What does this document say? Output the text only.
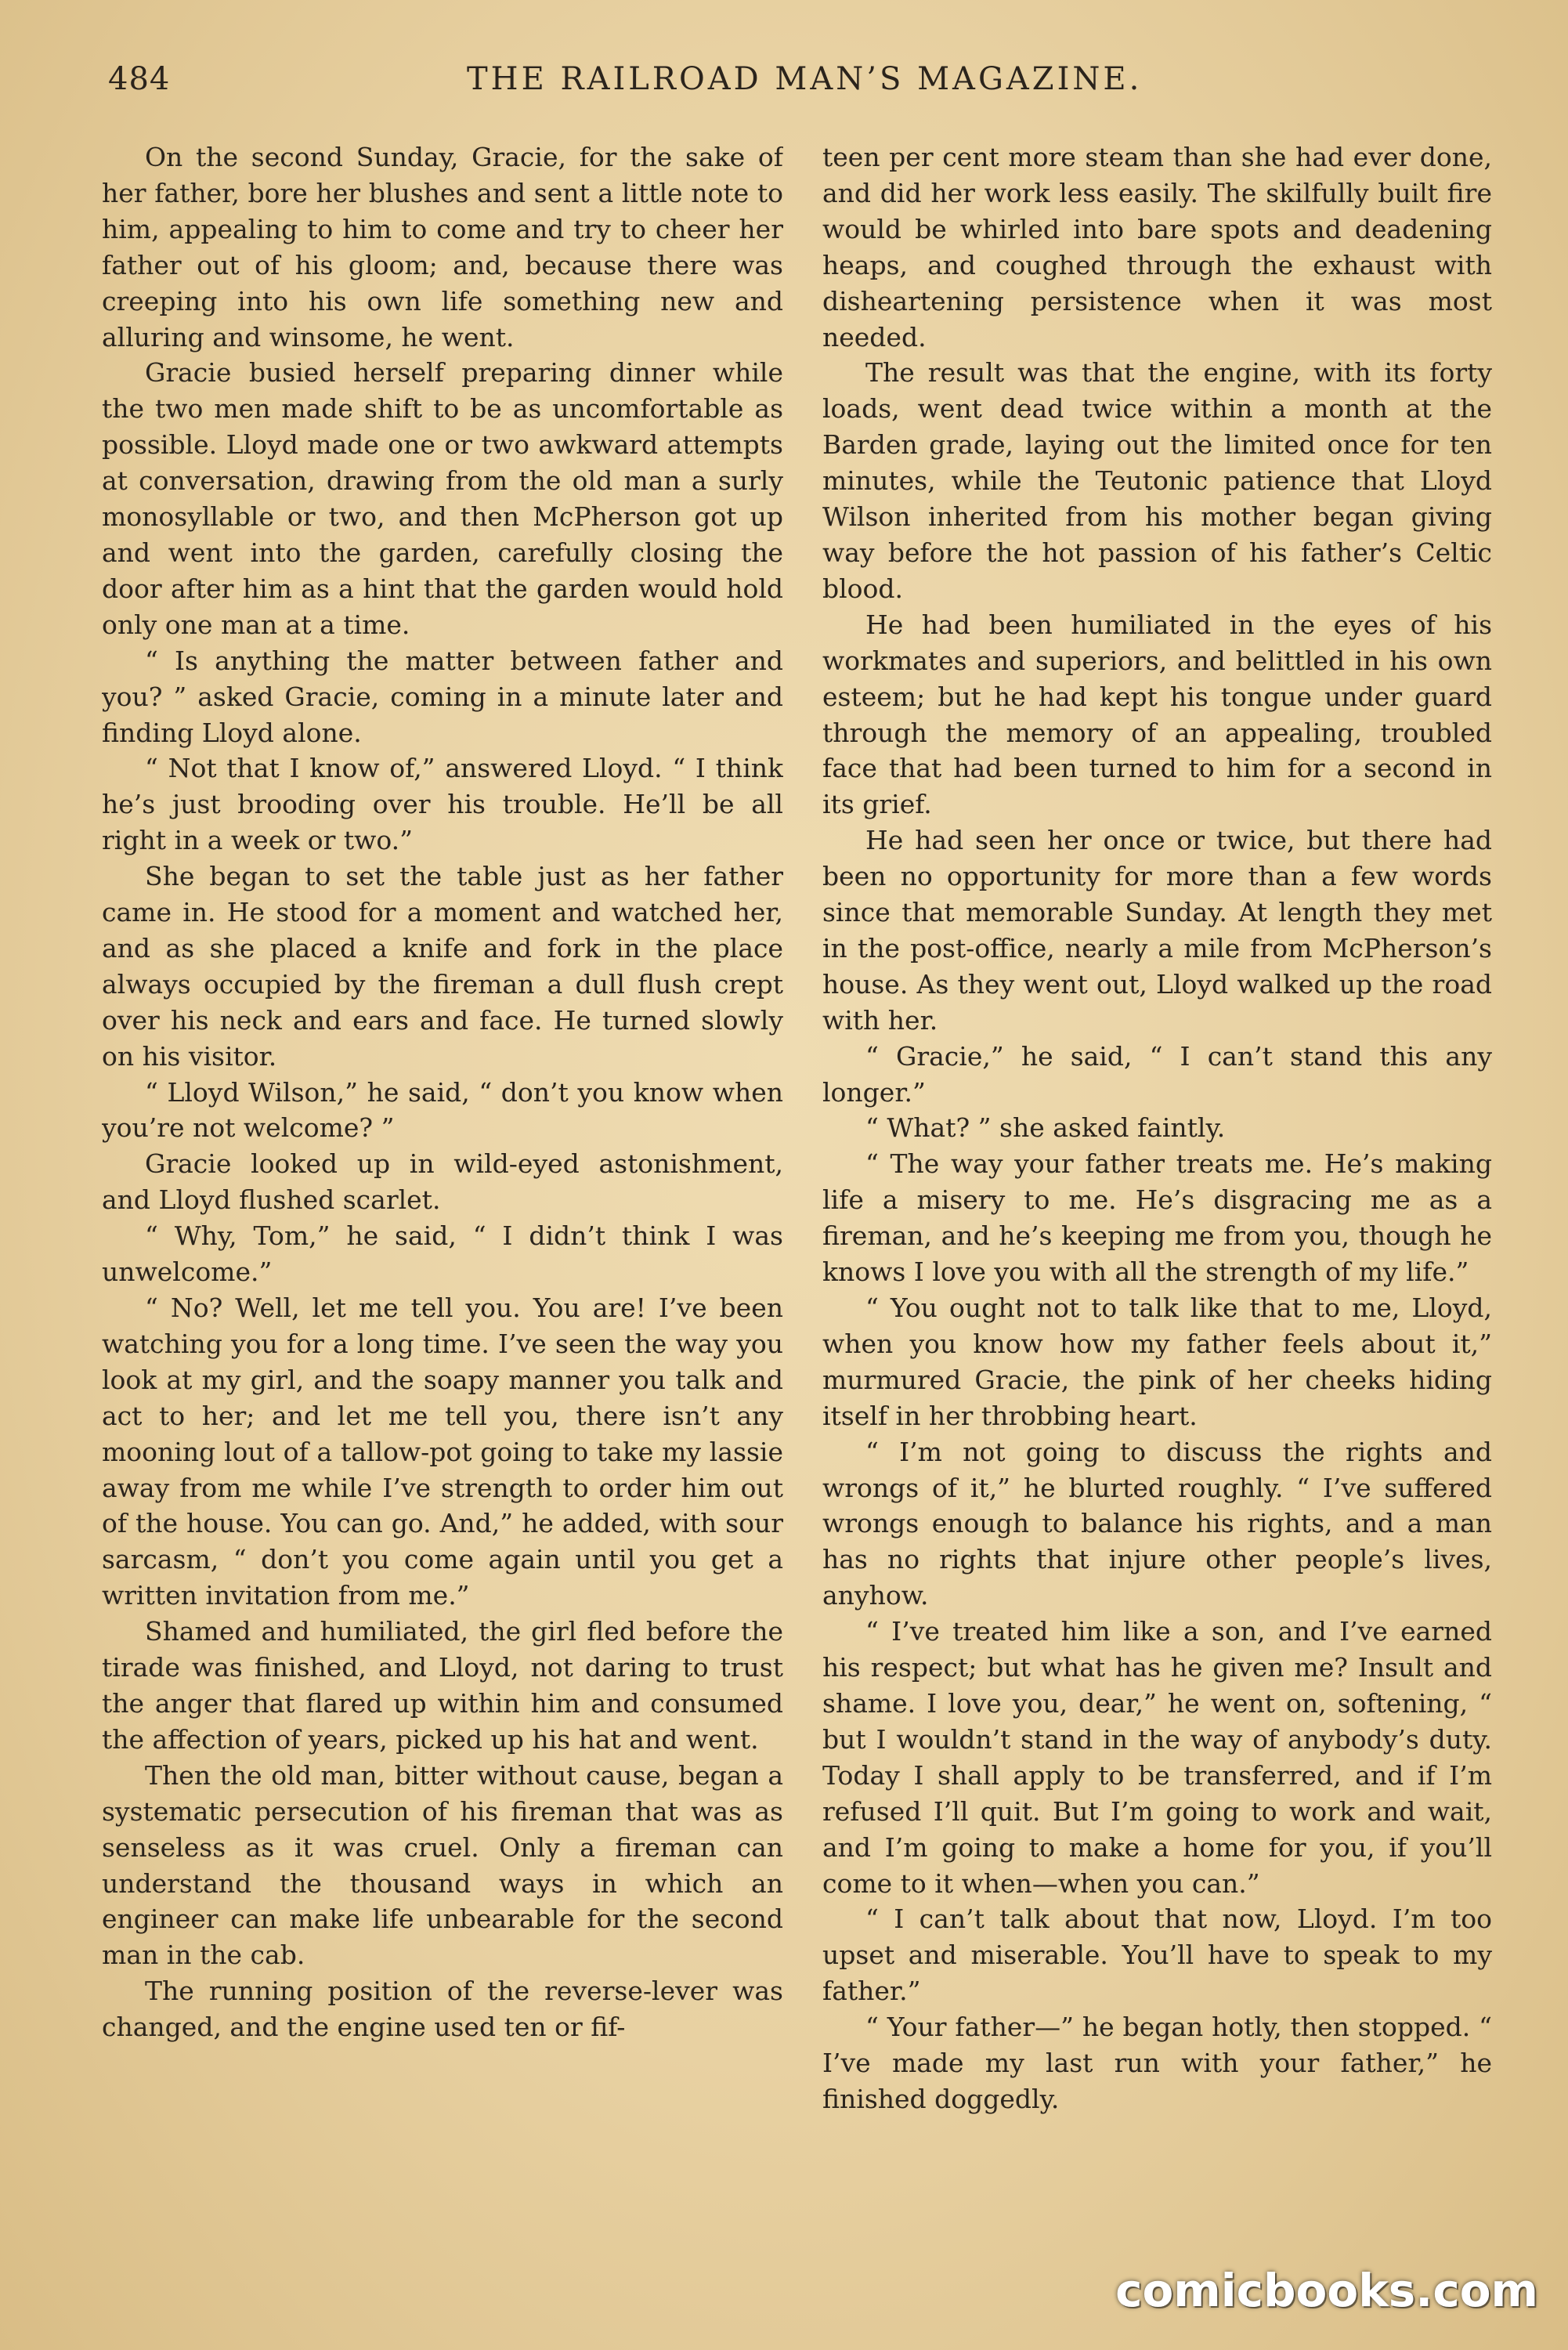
484	THE RAILROAD MAN’S MAGAZINE.

On the second Sunday, Gracie, for the sake of her father, bore her blushes and sent a little note to him, appealing to him to come and try to cheer her father out of his gloom; and, because there was creeping into his own life something new and alluring and winsome, he went.

Gracie busied herself preparing dinner while the two men made shift to be as uncomfortable as possible. Lloyd made one or two awkward attempts at conversation, drawing from the old man a surly monosyllable or two, and then McPherson got up and went into the garden, carefully closing the door after him as a hint that the garden would hold only one man at a time.

“ Is anything the matter between father and you? ” asked Gracie, coming in a minute later and finding Lloyd alone.

“ Not that I know of,” answered Lloyd. “ I think he’s just brooding over his trouble. He’ll be all right in a week or two.”

She began to set the table just as her father came in. He stood for a moment and watched her, and as she placed a knife and fork in the place always occupied by the fireman a dull flush crept over his neck and ears and face. He turned slowly on his visitor.

“ Lloyd Wilson,” he said, “ don’t you know when you’re not welcome? ”

Gracie looked up in wild-eyed astonishment, and Lloyd flushed scarlet.

“ Why, Tom,” he said, “ I didn’t think I was unwelcome.”

“ No? Well, let me tell you. You are! I’ve been watching you for a long time. I’ve seen the way you look at my girl, and the soapy manner you talk and act to her; and let me tell you, there isn’t any mooning lout of a tallow-pot going to take my lassie away from me while I’ve strength to order him out of the house. You can go. And,” he added, with sour sarcasm, “ don’t you come again until you get a written invitation from me.”

Shamed and humiliated, the girl fled before the tirade was finished, and Lloyd, not daring to trust the anger that flared up within him and consumed the affection of years, picked up his hat and went.

Then the old man, bitter without cause, began a systematic persecution of his fireman that was as senseless as it was cruel. Only a fireman can understand the thousand ways in which an engineer can make life unbearable for the second man in the cab.

The running position of the reverse-lever was changed, and the engine used ten or fif-

teen per cent more steam than she had ever done, and did her work less easily. The skilfully built fire would be whirled into bare spots and deadening heaps, and coughed through the exhaust with disheartening persistence when it was most needed.

The result was that the engine, with its forty loads, went dead twice within a month at the Barden grade, laying out the limited once for ten minutes, while the Teutonic patience that Lloyd Wilson inherited from his mother began giving way before the hot passion of his father’s Celtic blood.

He had been humiliated in the eyes of his workmates and superiors, and belittled in his own esteem; but he had kept his tongue under guard through the memory of an appealing, troubled face that had been turned to him for a second in its grief.

He had seen her once or twice, but there had been no opportunity for more than a few words since that memorable Sunday. At length they met in the post-office, nearly a mile from McPherson’s house. As they went out, Lloyd walked up the road with her.

“ Gracie,” he said, “ I can’t stand this any longer.”

“ What? ” she asked faintly.

“ The way your father treats me. He’s making life a misery to me. He’s disgracing me as a fireman, and he’s keeping me from you, though he knows I love you with all the strength of my life.”

“ You ought not to talk like that to me, Lloyd, when you know how my father feels about it,” murmured Gracie, the pink of her cheeks hiding itself in her throbbing heart.

“ I’m not going to discuss the rights and wrongs of it,” he blurted roughly. “ I’ve suffered wrongs enough to balance his rights, and a man has no rights that injure other people’s lives, anyhow.

“ I’ve treated him like a son, and I’ve earned his respect; but what has he given me? Insult and shame. I love you, dear,” he went on, softening, “ but I wouldn’t stand in the way of anybody’s duty. Today I shall apply to be transferred, and if I’m refused I’ll quit. But I’m going to work and wait, and I’m going to make a home for you, if you’ll come to it when—when you can.”

“ I can’t talk about that now, Lloyd. I’m too upset and miserable. You’ll have to speak to my father.”

“ Your father—” he began hotly, then stopped. “ I’ve made my last run with your father,” he finished doggedly.

comicbooks.com
